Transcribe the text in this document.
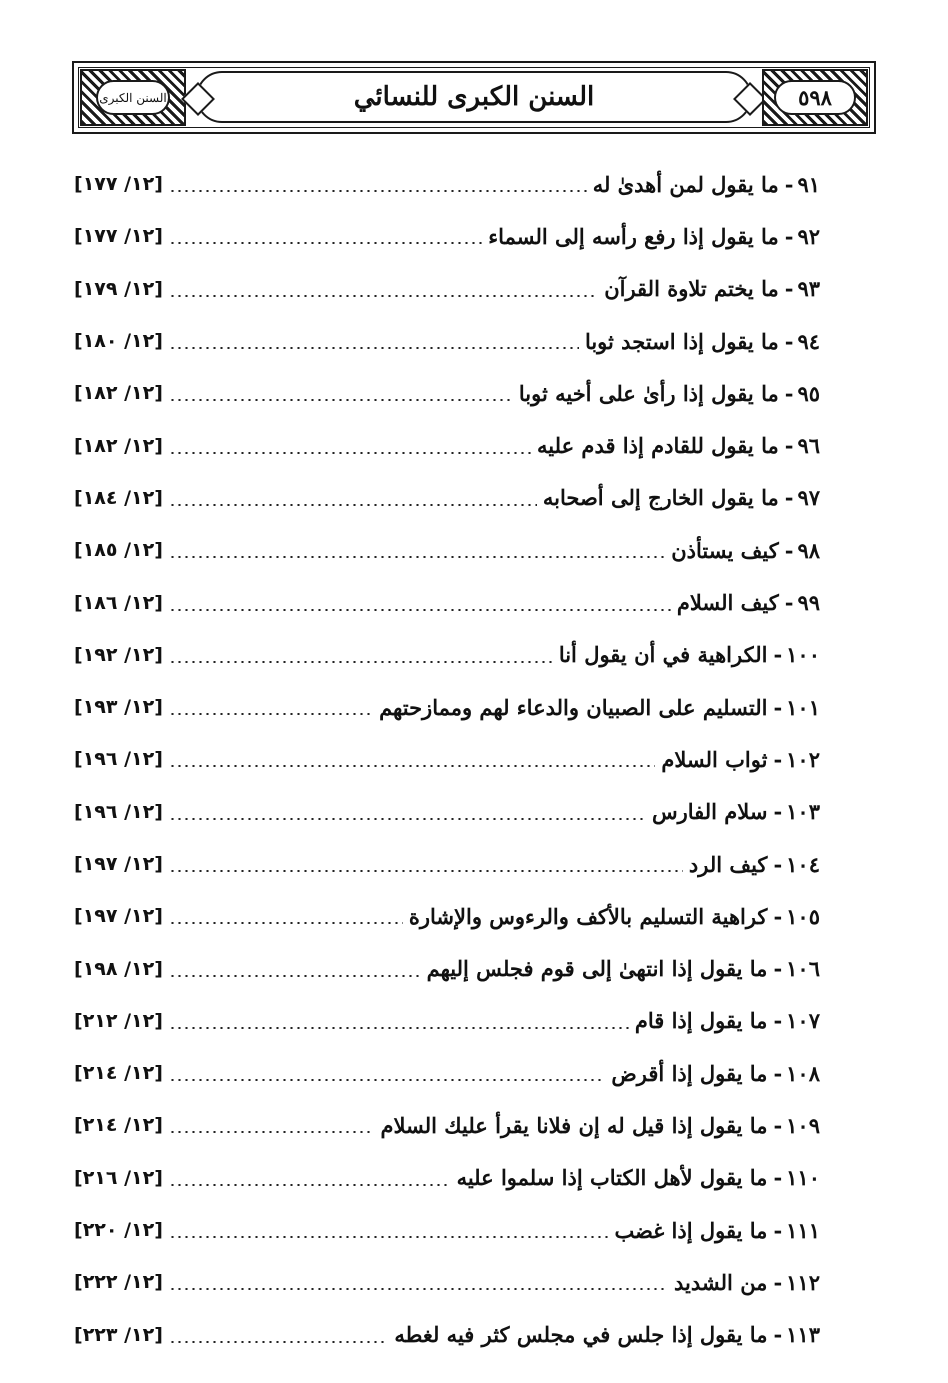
السنن الكبرى	السنن الكبرى للنسائي	٥٩٨
٩١
-
ما يقول لمن أهدىٰ له
[١٢/ ١٧٧]
٩٢
-
ما يقول إذا رفع رأسه إلى السماء
[١٢/ ١٧٧]
٩٣
-
ما يختم تلاوة القرآن
[١٢/ ١٧٩]
٩٤
-
ما يقول إذا استجد ثوبا
[١٢/ ١٨٠]
٩٥
-
ما يقول إذا رأىٰ على أخيه ثوبا
[١٢/ ١٨٢]
٩٦
-
ما يقول للقادم إذا قدم عليه
[١٢/ ١٨٢]
٩٧
-
ما يقول الخارج إلى أصحابه
[١٢/ ١٨٤]
٩٨
-
كيف يستأذن
[١٢/ ١٨٥]
٩٩
-
كيف السلام
[١٢/ ١٨٦]
١٠٠
-
الكراهية في أن يقول أنا
[١٢/ ١٩٢]
١٠١
-
التسليم على الصبيان والدعاء لهم وممازحتهم
[١٢/ ١٩٣]
١٠٢
-
ثواب السلام
[١٢/ ١٩٦]
١٠٣
-
سلام الفارس
[١٢/ ١٩٦]
١٠٤
-
كيف الرد
[١٢/ ١٩٧]
١٠٥
-
كراهية التسليم بالأكف والرءوس والإشارة
[١٢/ ١٩٧]
١٠٦
-
ما يقول إذا انتهىٰ إلى قوم فجلس إليهم
[١٢/ ١٩٨]
١٠٧
-
ما يقول إذا قام
[١٢/ ٢١٢]
١٠٨
-
ما يقول إذا أقرض
[١٢/ ٢١٤]
١٠٩
-
ما يقول إذا قيل له إن فلانا يقرأ عليك السلام
[١٢/ ٢١٤]
١١٠
-
ما يقول لأهل الكتاب إذا سلموا عليه
[١٢/ ٢١٦]
١١١
-
ما يقول إذا غضب
[١٢/ ٢٢٠]
١١٢
-
من الشديد
[١٢/ ٢٢٢]
١١٣
-
ما يقول إذا جلس في مجلس كثر فيه لغطه
[١٢/ ٢٢٣]
